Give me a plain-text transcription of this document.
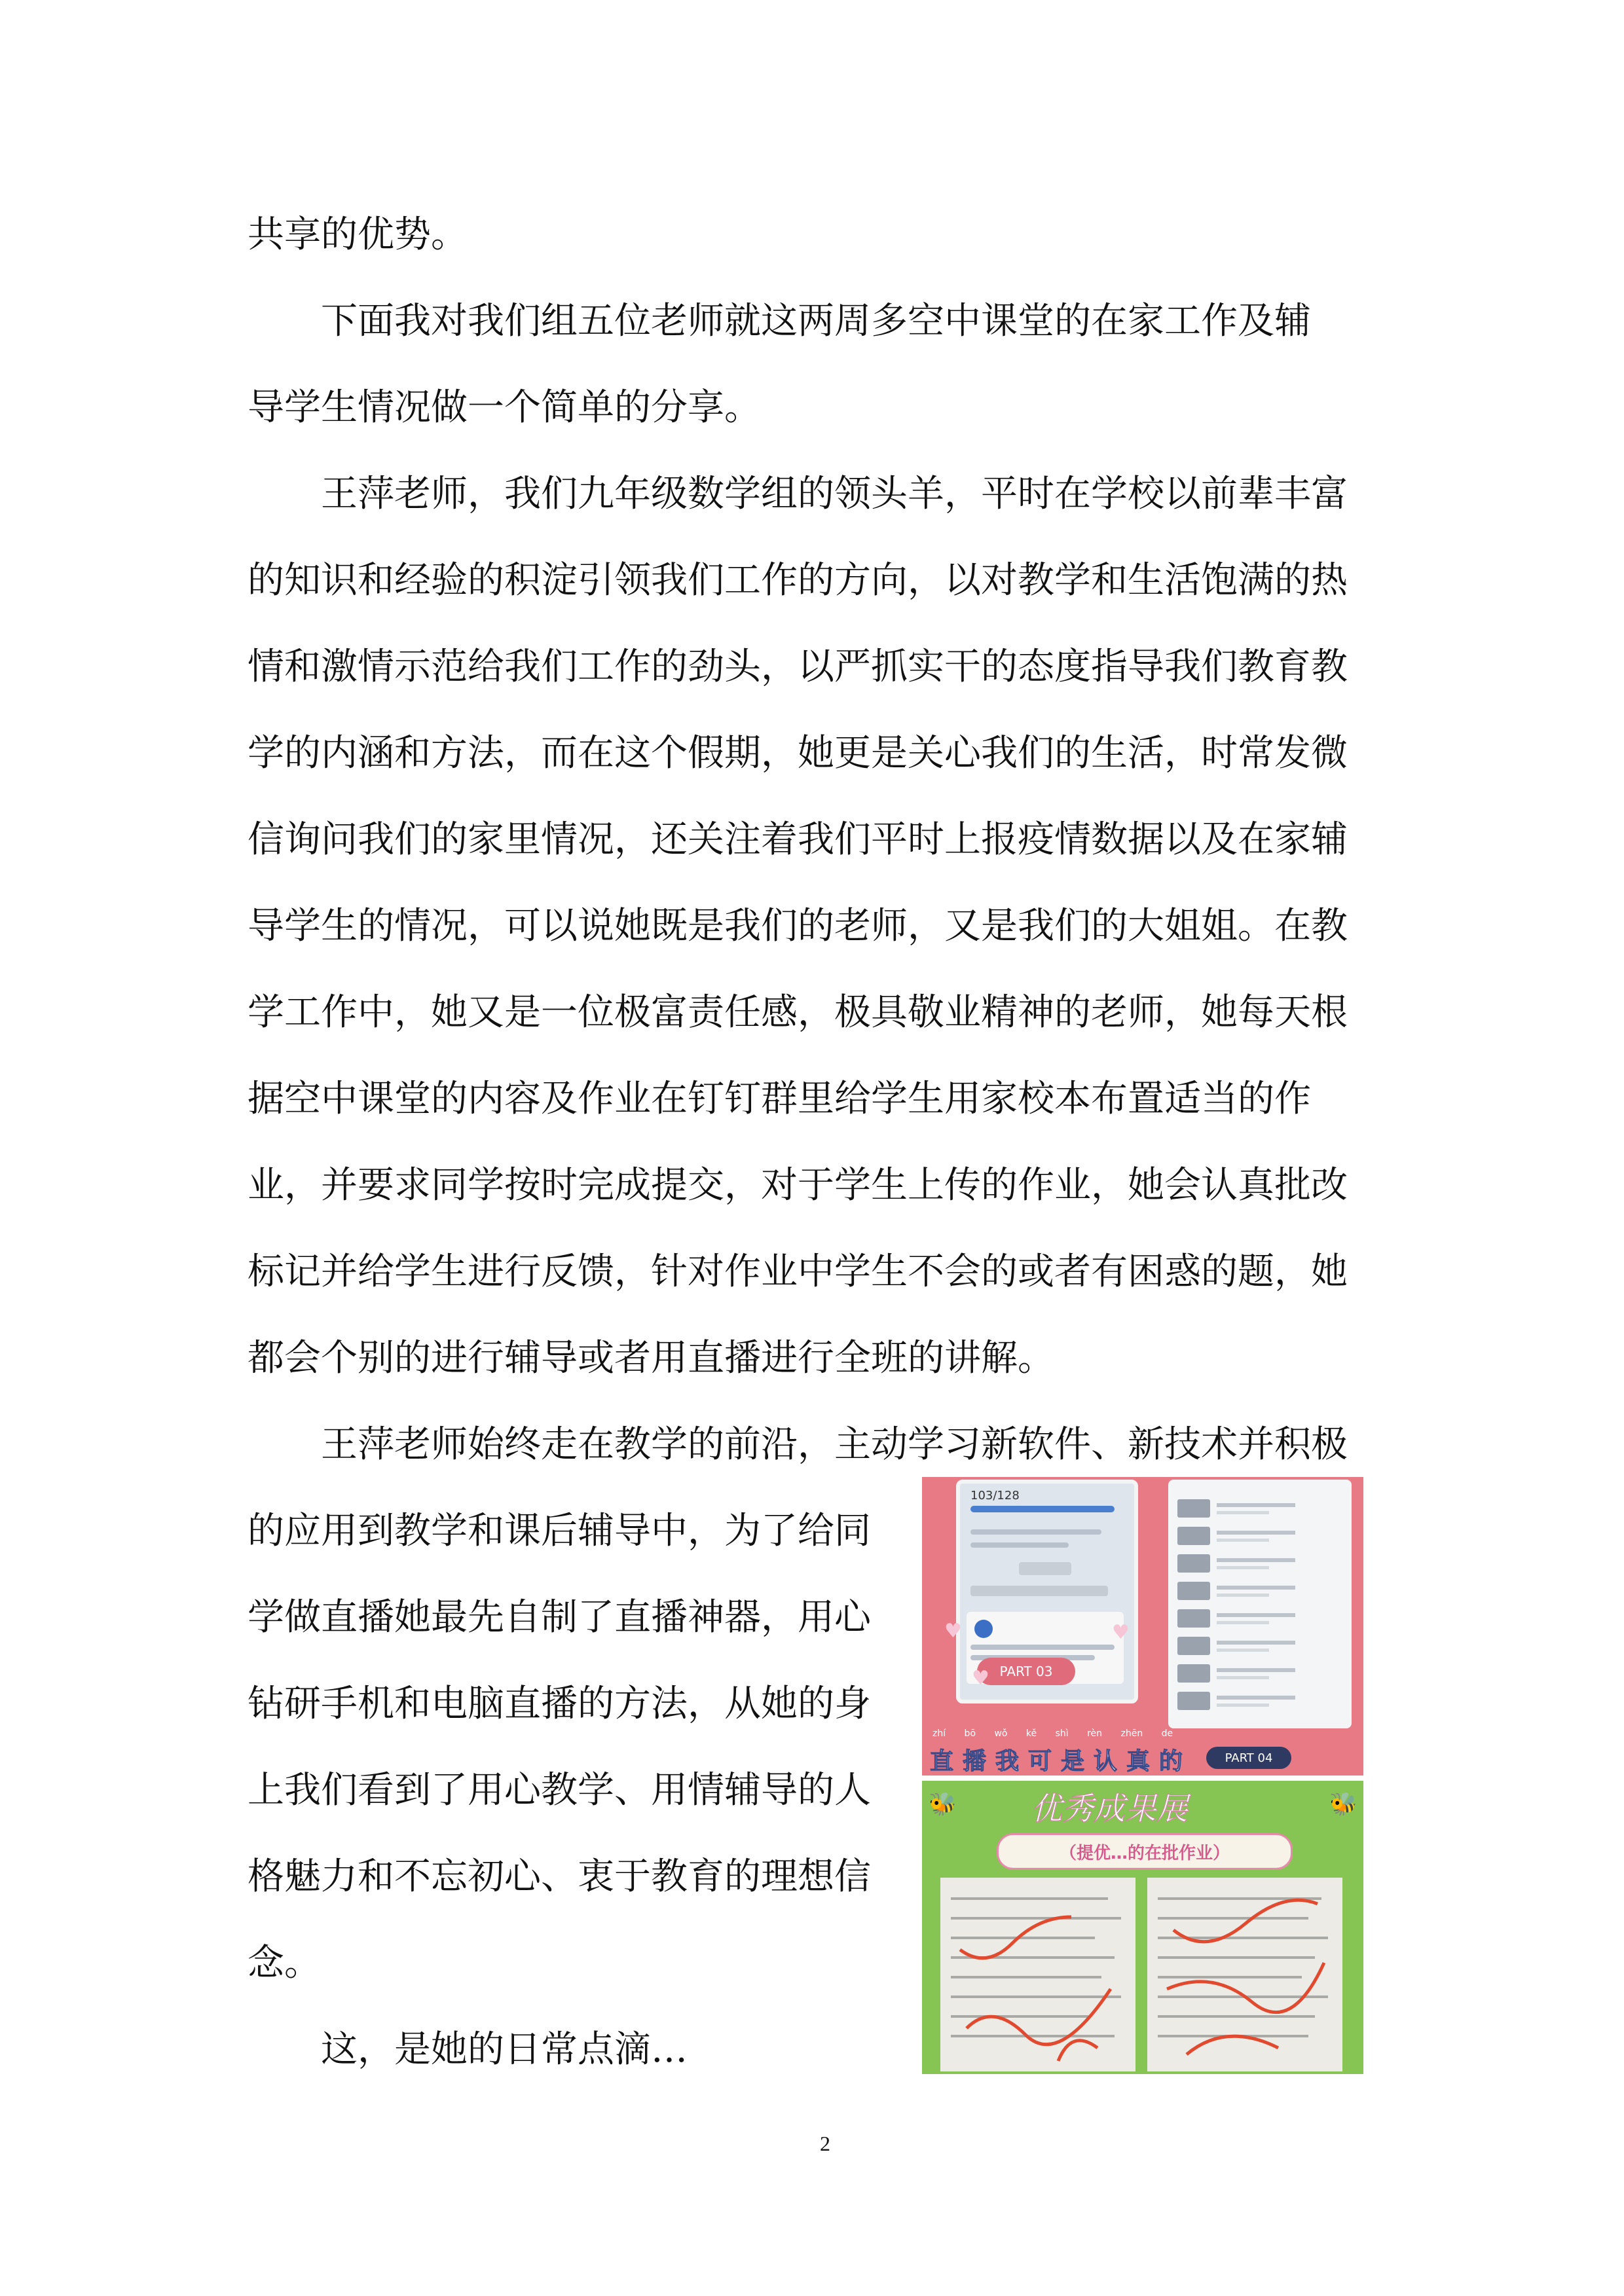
共享的优势。

下面我对我们组五位老师就这两周多空中课堂的在家工作及辅
导学生情况做一个简单的分享。

王萍老师，我们九年级数学组的领头羊，平时在学校以前辈丰富
的知识和经验的积淀引领我们工作的方向，以对教学和生活饱满的热
情和激情示范给我们工作的劲头，以严抓实干的态度指导我们教育教
学的内涵和方法，而在这个假期，她更是关心我们的生活，时常发微
信询问我们的家里情况，还关注着我们平时上报疫情数据以及在家辅
导学生的情况，可以说她既是我们的老师，又是我们的大姐姐。在教
学工作中，她又是一位极富责任感，极具敬业精神的老师，她每天根
据空中课堂的内容及作业在钉钉群里给学生用家校本布置适当的作
业，并要求同学按时完成提交，对于学生上传的作业，她会认真批改
标记并给学生进行反馈，针对作业中学生不会的或者有困惑的题，她
都会个别的进行辅导或者用直播进行全班的讲解。

王萍老师始终走在教学的前沿，主动学习新软件、新技术并积极

的应用到教学和课后辅导中，为了给同
学做直播她最先自制了直播神器，用心
钻研手机和电脑直播的方法，从她的身
上我们看到了用心教学、用情辅导的人
格魅力和不忘初心、衷于教育的理想信
念。

这，是她的日常点滴…

103/128
PART 03
♥	♥
♥
zhí bō wǒ kě shì rèn zhēn de
直播我可是认真的	PART 04
🐝	🐝
优秀成果展
（提优…的在批作业）
2
